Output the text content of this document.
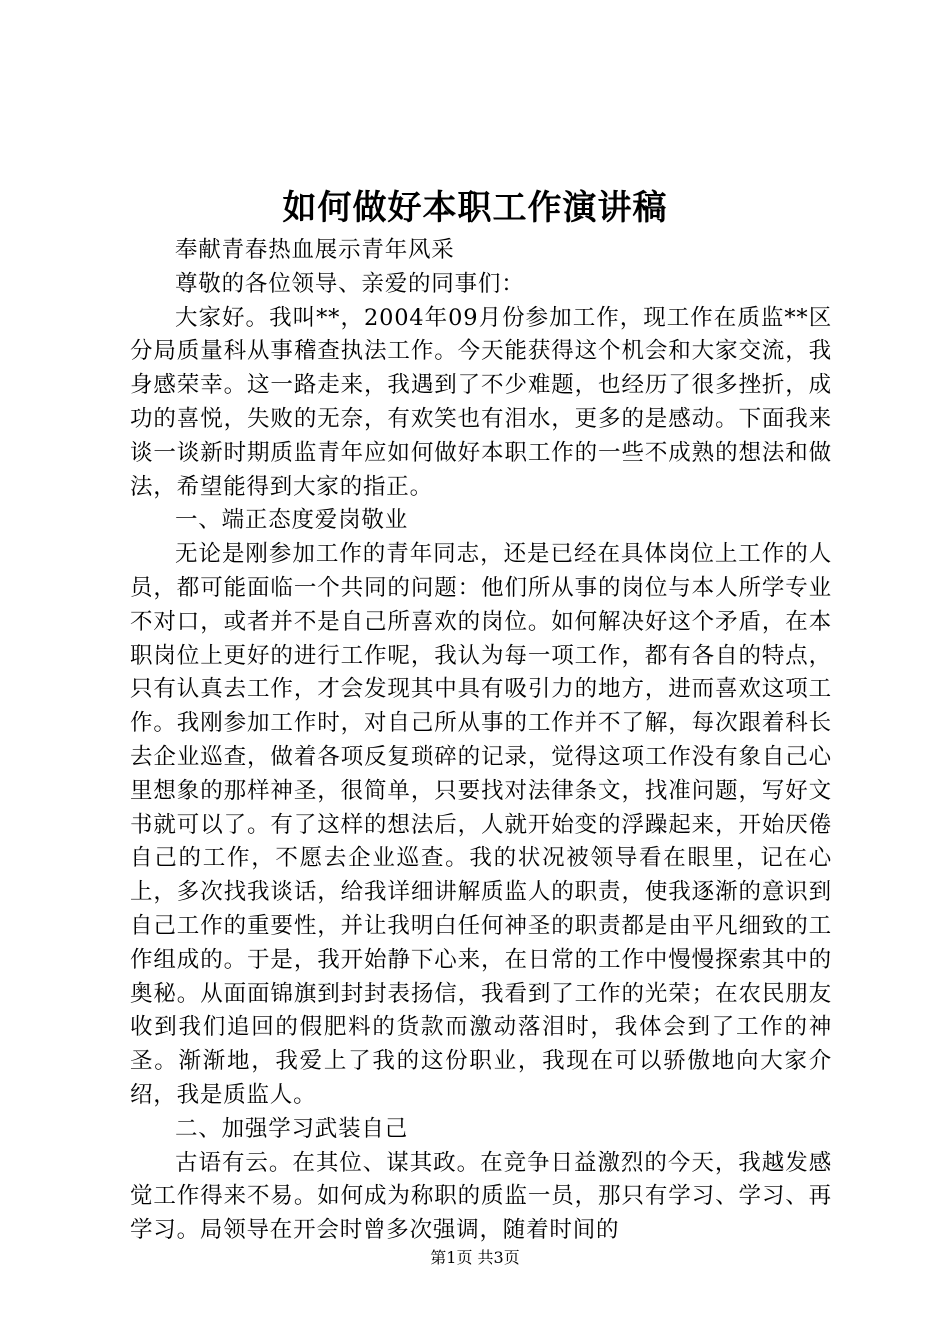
如何做好本职工作演讲稿

奉献青春热血展示青年风采

尊敬的各位领导、亲爱的同事们：

大家好。我叫**，2004年09月份参加工作，现工作在质监**区分局质量科从事稽查执法工作。今天能获得这个机会和大家交流，我身感荣幸。这一路走来，我遇到了不少难题，也经历了很多挫折，成功的喜悦，失败的无奈，有欢笑也有泪水，更多的是感动。下面我来谈一谈新时期质监青年应如何做好本职工作的一些不成熟的想法和做法，希望能得到大家的指正。

一、端正态度爱岗敬业

无论是刚参加工作的青年同志，还是已经在具体岗位上工作的人员，都可能面临一个共同的问题：他们所从事的岗位与本人所学专业不对口，或者并不是自己所喜欢的岗位。如何解决好这个矛盾，在本职岗位上更好的进行工作呢，我认为每一项工作，都有各自的特点，只有认真去工作，才会发现其中具有吸引力的地方，进而喜欢这项工作。我刚参加工作时，对自己所从事的工作并不了解，每次跟着科长去企业巡查，做着各项反复琐碎的记录，觉得这项工作没有象自己心里想象的那样神圣，很简单，只要找对法律条文，找准问题，写好文书就可以了。有了这样的想法后，人就开始变的浮躁起来，开始厌倦自己的工作，不愿去企业巡查。我的状况被领导看在眼里，记在心上，多次找我谈话，给我详细讲解质监人的职责，使我逐渐的意识到自己工作的重要性，并让我明白任何神圣的职责都是由平凡细致的工作组成的。于是，我开始静下心来，在日常的工作中慢慢探索其中的奥秘。从面面锦旗到封封表扬信，我看到了工作的光荣；在农民朋友收到我们追回的假肥料的货款而激动落泪时，我体会到了工作的神圣。渐渐地，我爱上了我的这份职业，我现在可以骄傲地向大家介绍，我是质监人。

二、加强学习武装自己

古语有云。在其位、谋其政。在竞争日益激烈的今天，我越发感觉工作得来不易。如何成为称职的质监一员，那只有学习、学习、再学习。局领导在开会时曾多次强调，随着时间的

第1页 共3页
